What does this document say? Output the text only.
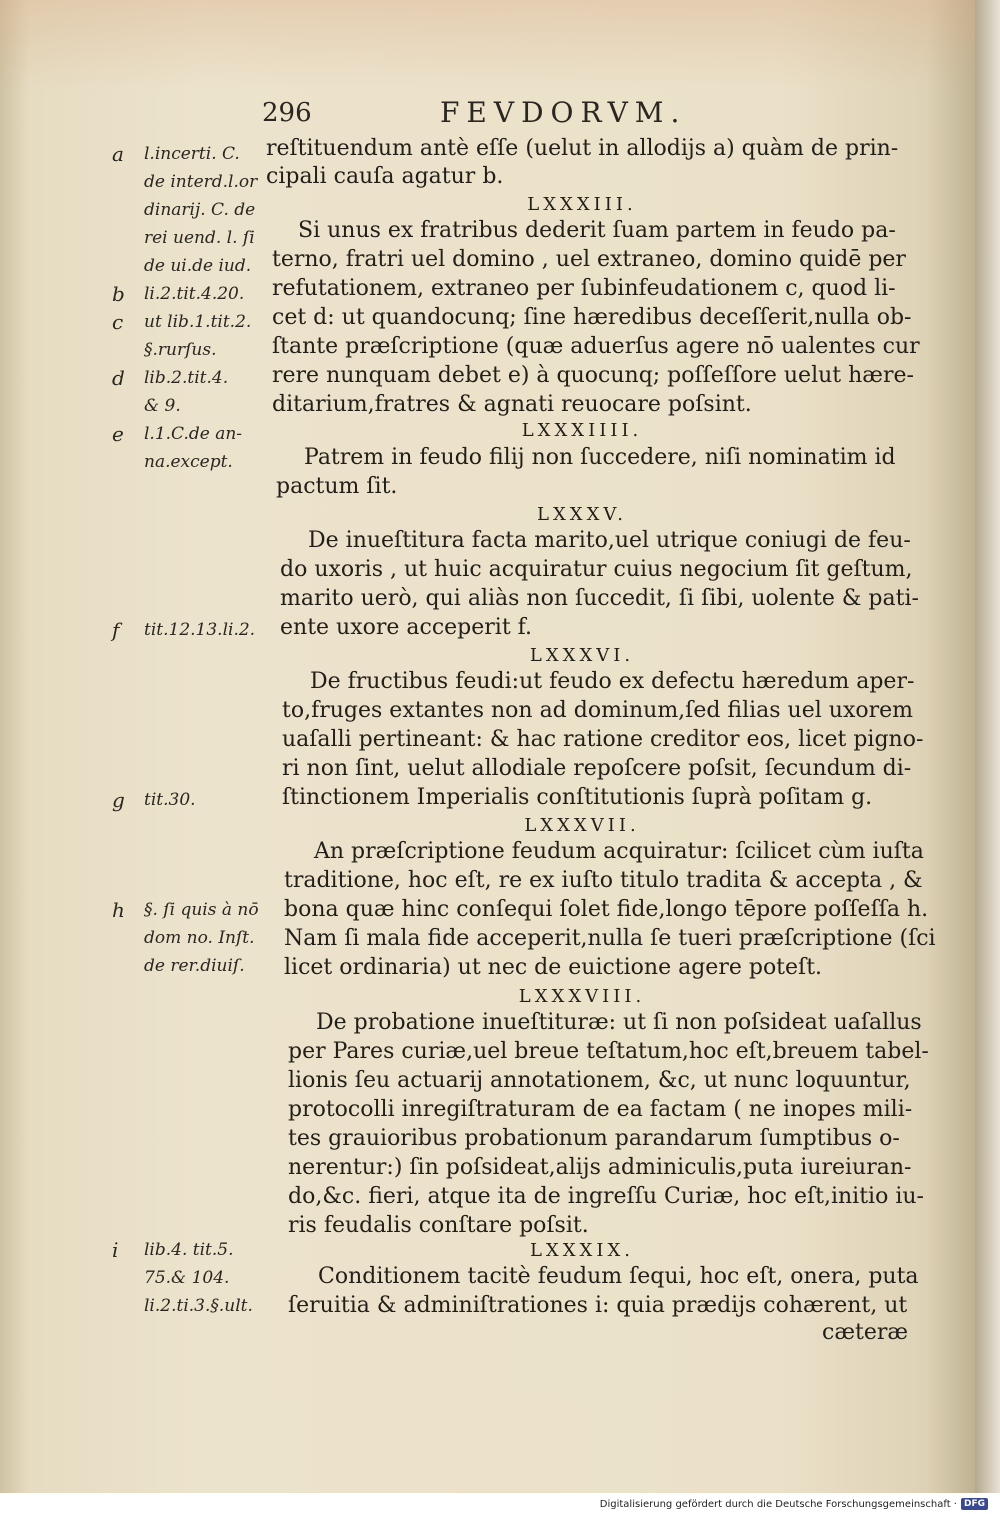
296	FEVDORVM.
a	l.incerti. C.
de interd.l.or
dinarij. C. de
rei uend. l. ſi
de ui.de iud.
b	li.2.tit.4.20.
c	ut lib.1.tit.2.
§.rurſus.
d	lib.2.tit.4.
& 9.
e	l.1.C.de an-
na.except.
f	tit.12.13.li.2.
g	tit.30.
h	§. ſi quis à nō
dom no. Inſt.
de rer.diuiſ.
i	lib.4. tit.5.
75.& 104.
li.2.ti.3.§.ult.
reſtituendum antè eſſe (uelut in allodijs a) quàm de prin-
cipali cauſa agatur b.
LXXXIII.
Si unus ex fratribus dederit ſuam partem in feudo pa-
terno, fratri uel domino , uel extraneo, domino quidē per
refutationem, extraneo per ſubinfeudationem c, quod li-
cet d: ut quandocunq; ſine hæredibus deceſſerit,nulla ob-
ſtante præſcriptione (quæ aduerſus agere nō ualentes cur
rere nunquam debet e) à quocunq; poſſeſſore uelut hære-
ditarium,fratres & agnati reuocare poſsint.
LXXXIIII.
Patrem in feudo filij non ſuccedere, niſi nominatim id
pactum ſit.
LXXXV.
De inueſtitura facta marito,uel utrique coniugi de feu-
do uxoris , ut huic acquiratur cuius negocium ſit geſtum,
marito uerò, qui aliàs non ſuccedit, ſi ſibi, uolente & pati-
ente uxore acceperit f.
LXXXVI.
De fructibus feudi:ut feudo ex defectu hæredum aper-
to,fruges extantes non ad dominum,ſed filias uel uxorem
uaſalli pertineant: & hac ratione creditor eos, licet pigno-
ri non ſint, uelut allodiale repoſcere poſsit, ſecundum di-
ſtinctionem Imperialis conſtitutionis ſuprà poſitam g.
LXXXVII.
An præſcriptione feudum acquiratur: ſcilicet cùm iuſta
traditione, hoc eſt, re ex iuſto titulo tradita & accepta , &
bona quæ hinc conſequi ſolet fide,longo tēpore poſſeſſa h.
Nam ſi mala fide acceperit,nulla ſe tueri præſcriptione (ſci
licet ordinaria) ut nec de euictione agere poteſt.
LXXXVIII.
De probatione inueſtituræ: ut ſi non poſsideat uaſallus
per Pares curiæ,uel breue teſtatum,hoc eſt,breuem tabel-
lionis ſeu actuarij annotationem, &c, ut nunc loquuntur,
protocolli inregiſtraturam de ea factam ( ne inopes mili-
tes grauioribus probationum parandarum ſumptibus o-
nerentur:) ſin poſsideat,alijs adminiculis,puta iureiuran-
do,&c. fieri, atque ita de ingreſſu Curiæ, hoc eſt,initio iu-
ris feudalis conſtare poſsit.
LXXXIX.
Conditionem tacitè feudum ſequi, hoc eſt, onera, puta
ſeruitia & adminiſtrationes i: quia prædijs cohærent, ut
cæteræ
Digitalisierung gefördert durch die Deutsche Forschungsgemeinschaft · DFG
